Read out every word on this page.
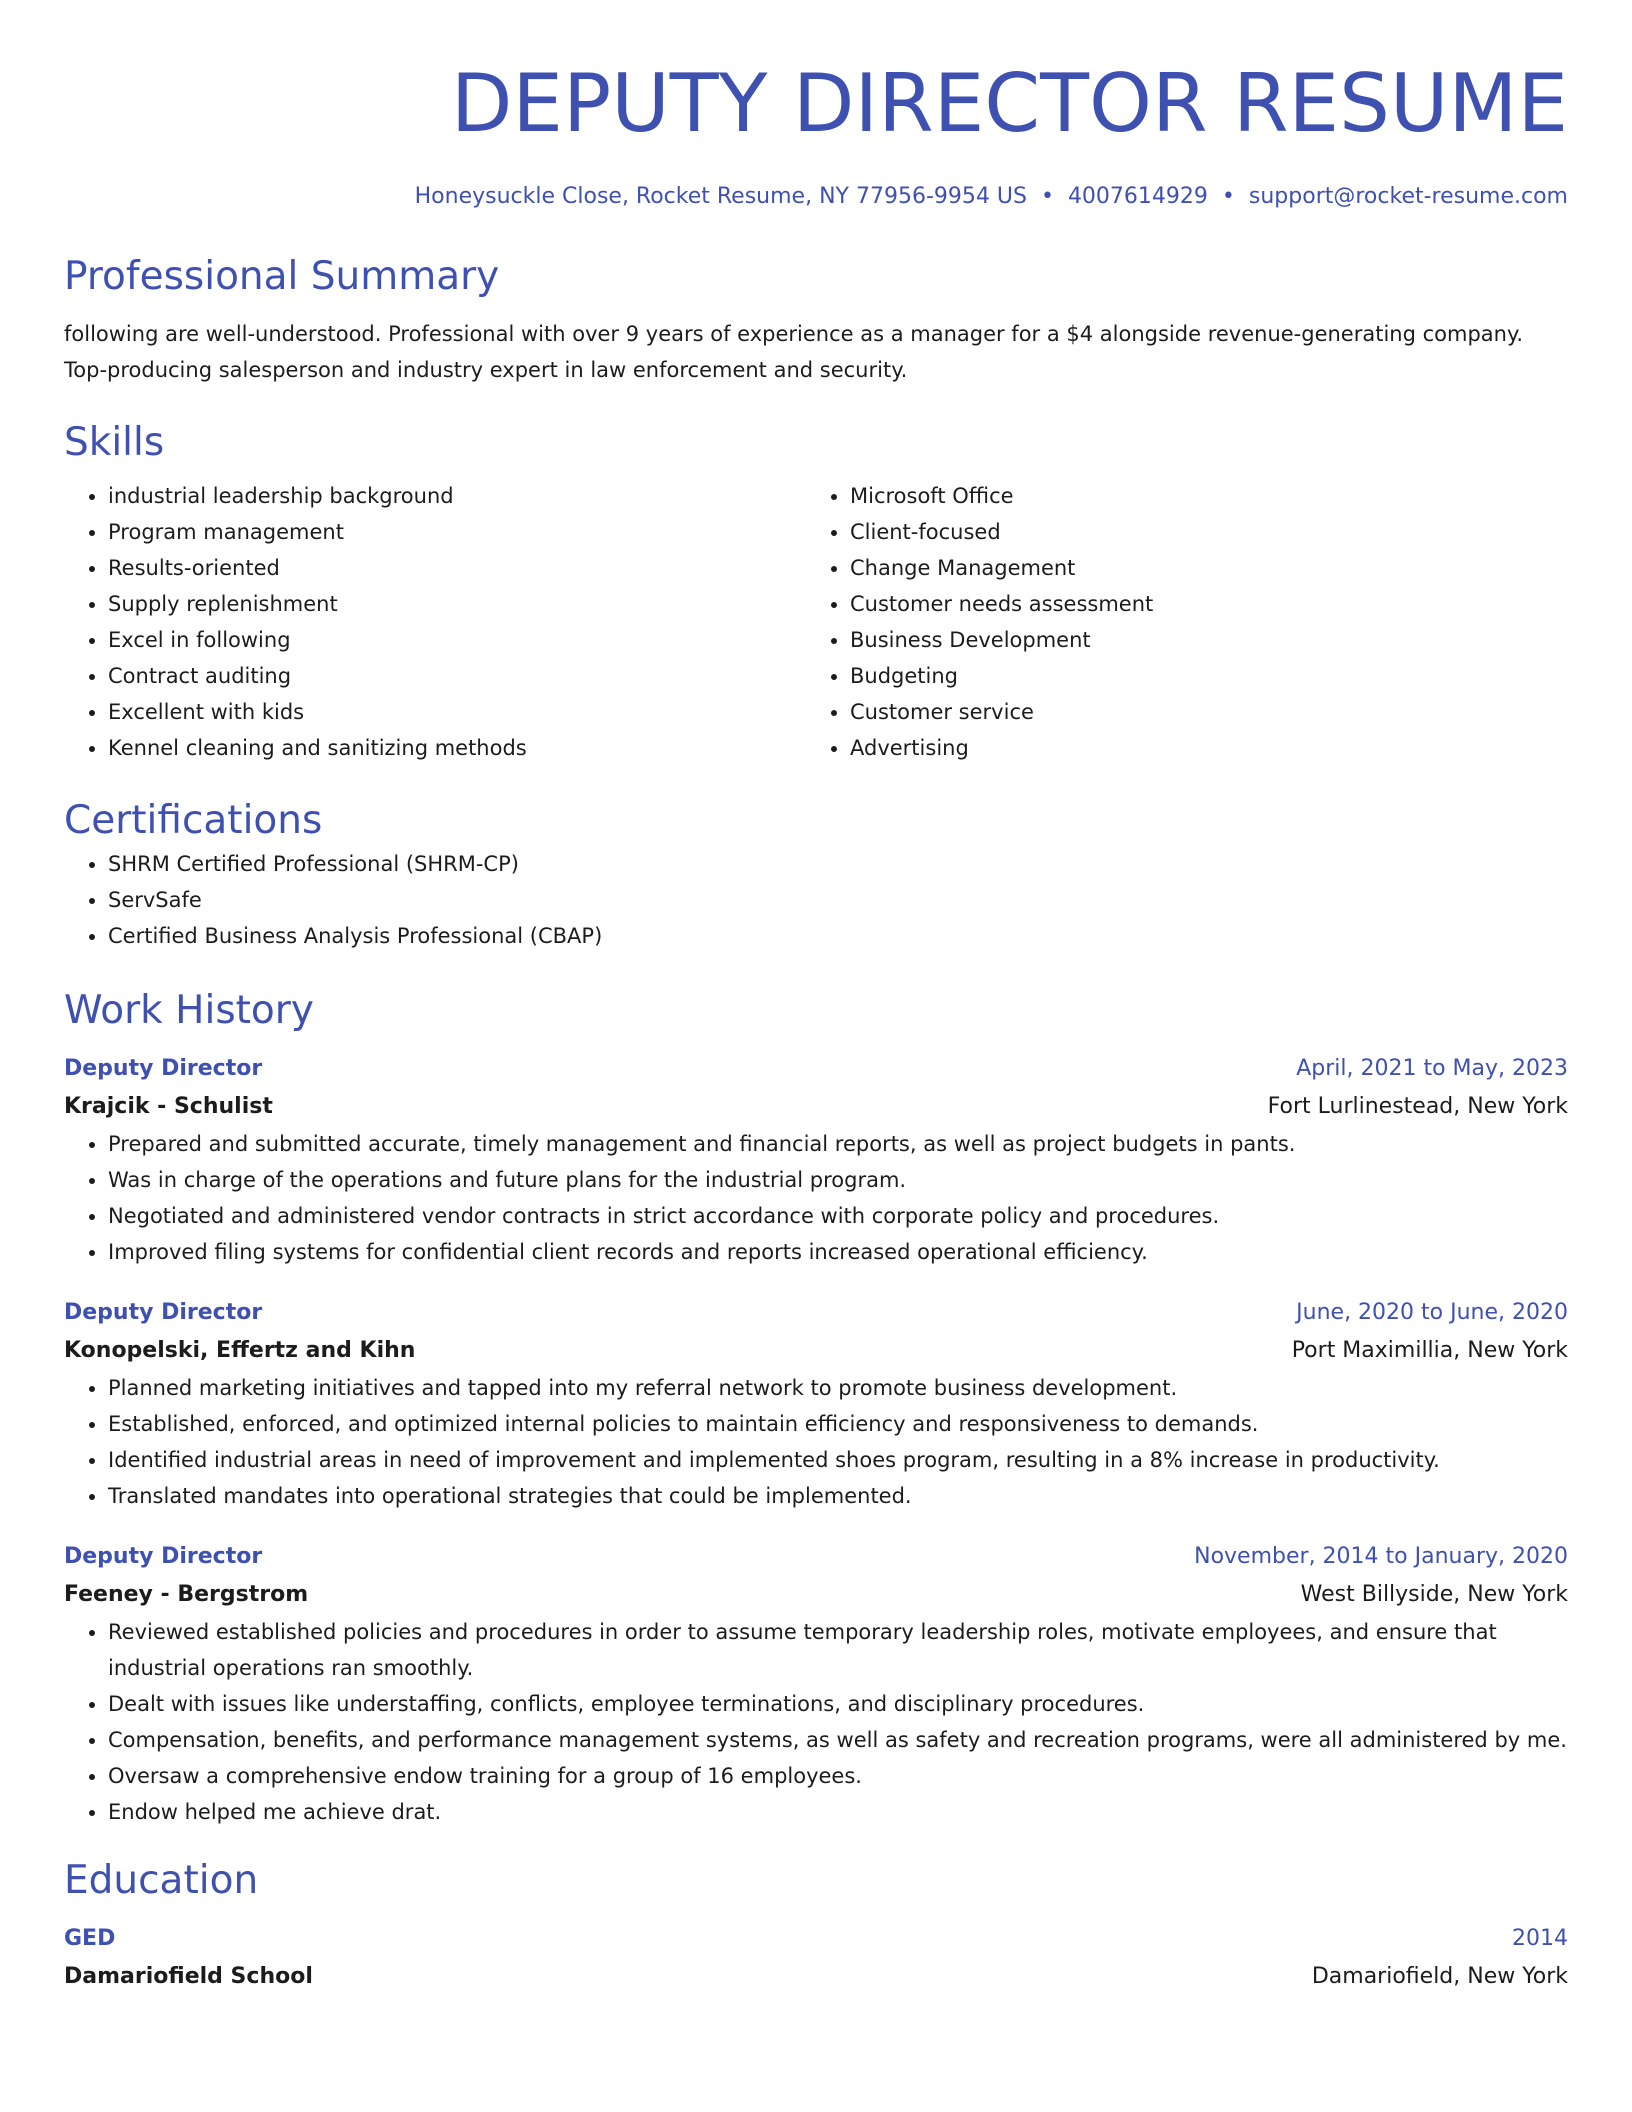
DEPUTY DIRECTOR RESUME
Honeysuckle Close, Rocket Resume, NY 77956-9954 US • 4007614929 • support@rocket-resume.com
Professional Summary
following are well-understood. Professional with over 9 years of experience as a manager for a $4 alongside revenue-generating company. Top-producing salesperson and industry expert in law enforcement and security.
Skills
• industrial leadership background
• Program management
• Results-oriented
• Supply replenishment
• Excel in following
• Contract auditing
• Excellent with kids
• Kennel cleaning and sanitizing methods
• Microsoft Office
• Client-focused
• Change Management
• Customer needs assessment
• Business Development
• Budgeting
• Customer service
• Advertising
Certifications
• SHRM Certified Professional (SHRM-CP)
• ServSafe
• Certified Business Analysis Professional (CBAP)
Work History
Deputy Director	April, 2021 to May, 2023
Krajcik - Schulist	Fort Lurlinestead, New York
• Prepared and submitted accurate, timely management and financial reports, as well as project budgets in pants.
• Was in charge of the operations and future plans for the industrial program.
• Negotiated and administered vendor contracts in strict accordance with corporate policy and procedures.
• Improved filing systems for confidential client records and reports increased operational efficiency.
Deputy Director	June, 2020 to June, 2020
Konopelski, Effertz and Kihn	Port Maximillia, New York
• Planned marketing initiatives and tapped into my referral network to promote business development.
• Established, enforced, and optimized internal policies to maintain efficiency and responsiveness to demands.
• Identified industrial areas in need of improvement and implemented shoes program, resulting in a 8% increase in productivity.
• Translated mandates into operational strategies that could be implemented.
Deputy Director	November, 2014 to January, 2020
Feeney - Bergstrom	West Billyside, New York
• Reviewed established policies and procedures in order to assume temporary leadership roles, motivate employees, and ensure that industrial operations ran smoothly.
• Dealt with issues like understaffing, conflicts, employee terminations, and disciplinary procedures.
• Compensation, benefits, and performance management systems, as well as safety and recreation programs, were all administered by me.
• Oversaw a comprehensive endow training for a group of 16 employees.
• Endow helped me achieve drat.
Education
GED	2014
Damariofield School	Damariofield, New York
